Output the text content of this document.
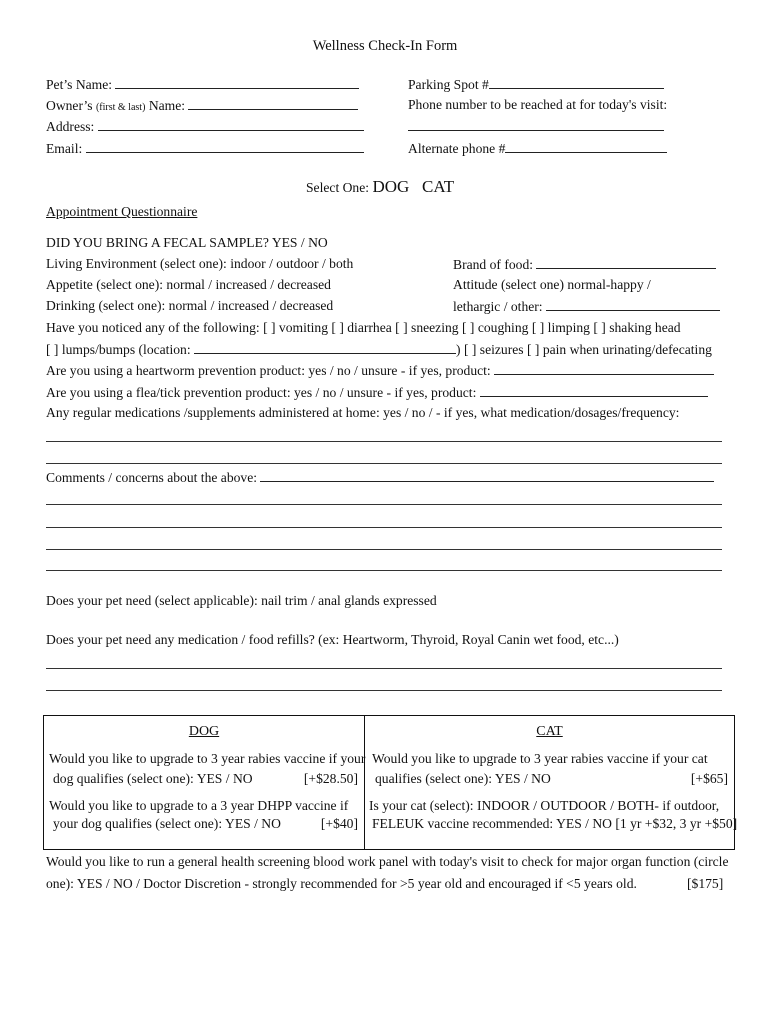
Wellness Check-In Form
Pet’s Name:
Owner’s (first & last) Name:
Address:
Email:
Parking Spot #
Phone number to be reached at for today's visit:
Alternate phone #
Select One: DOG   CAT
Appointment Questionnaire
DID YOU BRING A FECAL SAMPLE? YES / NO
Living Environment (select one): indoor / outdoor / both	Brand of food:
Appetite (select one): normal / increased / decreased	Attitude (select one) normal-happy /
Drinking (select one): normal / increased / decreased	lethargic / other:
Have you noticed any of the following: [ ] vomiting [ ] diarrhea [ ] sneezing [ ] coughing [ ] limping [ ] shaking head
[ ] lumps/bumps (location:	) [ ] seizures [ ] pain when urinating/defecating
Are you using a heartworm prevention product: yes / no / unsure - if yes, product:
Are you using a flea/tick prevention product: yes / no / unsure - if yes, product:
Any regular medications /supplements administered at home: yes / no / - if yes, what medication/dosages/frequency:
Comments / concerns about the above:
Does your pet need (select applicable): nail trim / anal glands expressed
Does your pet need any medication / food refills? (ex: Heartworm, Thyroid, Royal Canin wet food, etc...)
DOG
Would you like to upgrade to 3 year rabies vaccine if your
dog qualifies (select one): YES / NO	[+$28.50]
Would you like to upgrade to a 3 year DHPP vaccine if
your dog qualifies (select one): YES / NO	[+$40]

CAT
Would you like to upgrade to 3 year rabies vaccine if your cat
qualifies (select one): YES / NO	[+$65]
Is your cat (select): INDOOR / OUTDOOR / BOTH- if outdoor,
FELEUK vaccine recommended: YES / NO [1 yr +$32, 3 yr +$50]
Would you like to run a general health screening blood work panel with today's visit to check for major organ function (circle
one): YES / NO / Doctor Discretion - strongly recommended for >5 year old and encouraged if <5 years old.	[$175]
